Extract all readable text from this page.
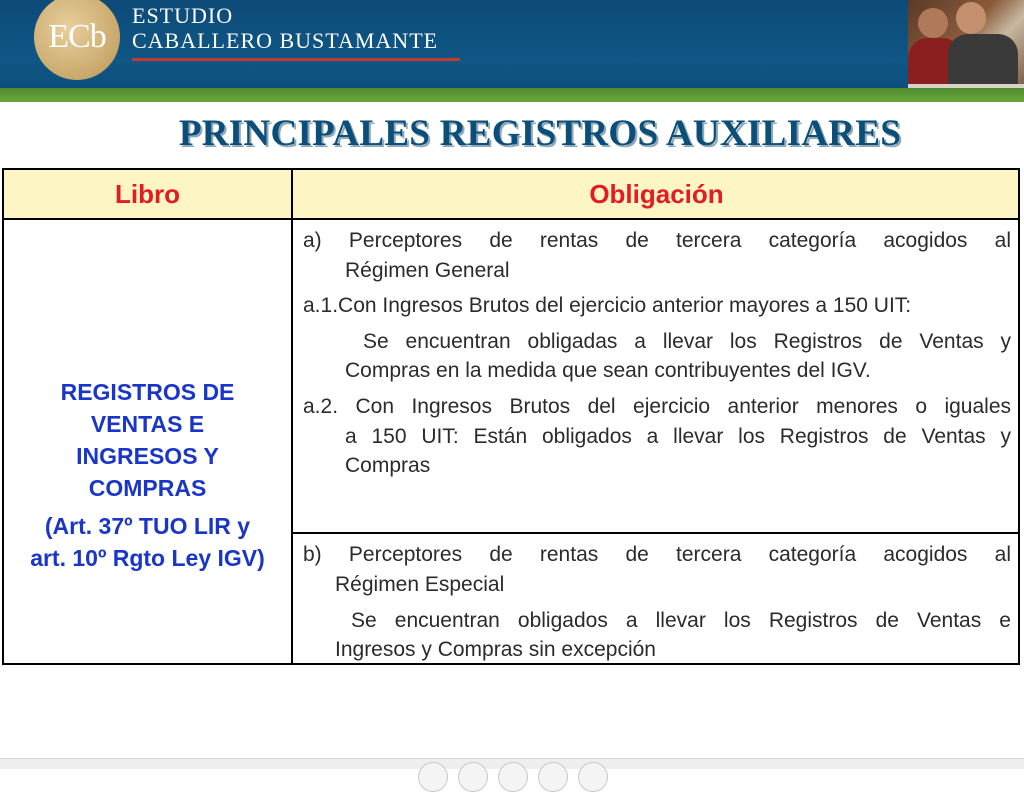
ECb
ESTUDIO
CABALLERO BUSTAMANTE
PRINCIPALES REGISTROS AUXILIARES
Libro	Obligación
REGISTROS DE
VENTAS E
INGRESOS Y
COMPRAS
(Art. 37º TUO LIR y
art. 10º Rgto Ley IGV)
a) Perceptores de rentas de tercera categoría acogidos al
Régimen General
a.1.Con Ingresos Brutos del ejercicio anterior mayores a 150 UIT:
Se encuentran obligadas a llevar los Registros de Ventas y
Compras en la medida que sean contribuyentes del IGV.
a.2. Con Ingresos Brutos del ejercicio anterior menores o iguales
a 150 UIT: Están obligados a llevar los Registros de Ventas y
Compras
b) Perceptores de rentas de tercera categoría acogidos al
Régimen Especial
Se encuentran obligados a llevar los Registros de Ventas e
Ingresos y Compras sin excepción
